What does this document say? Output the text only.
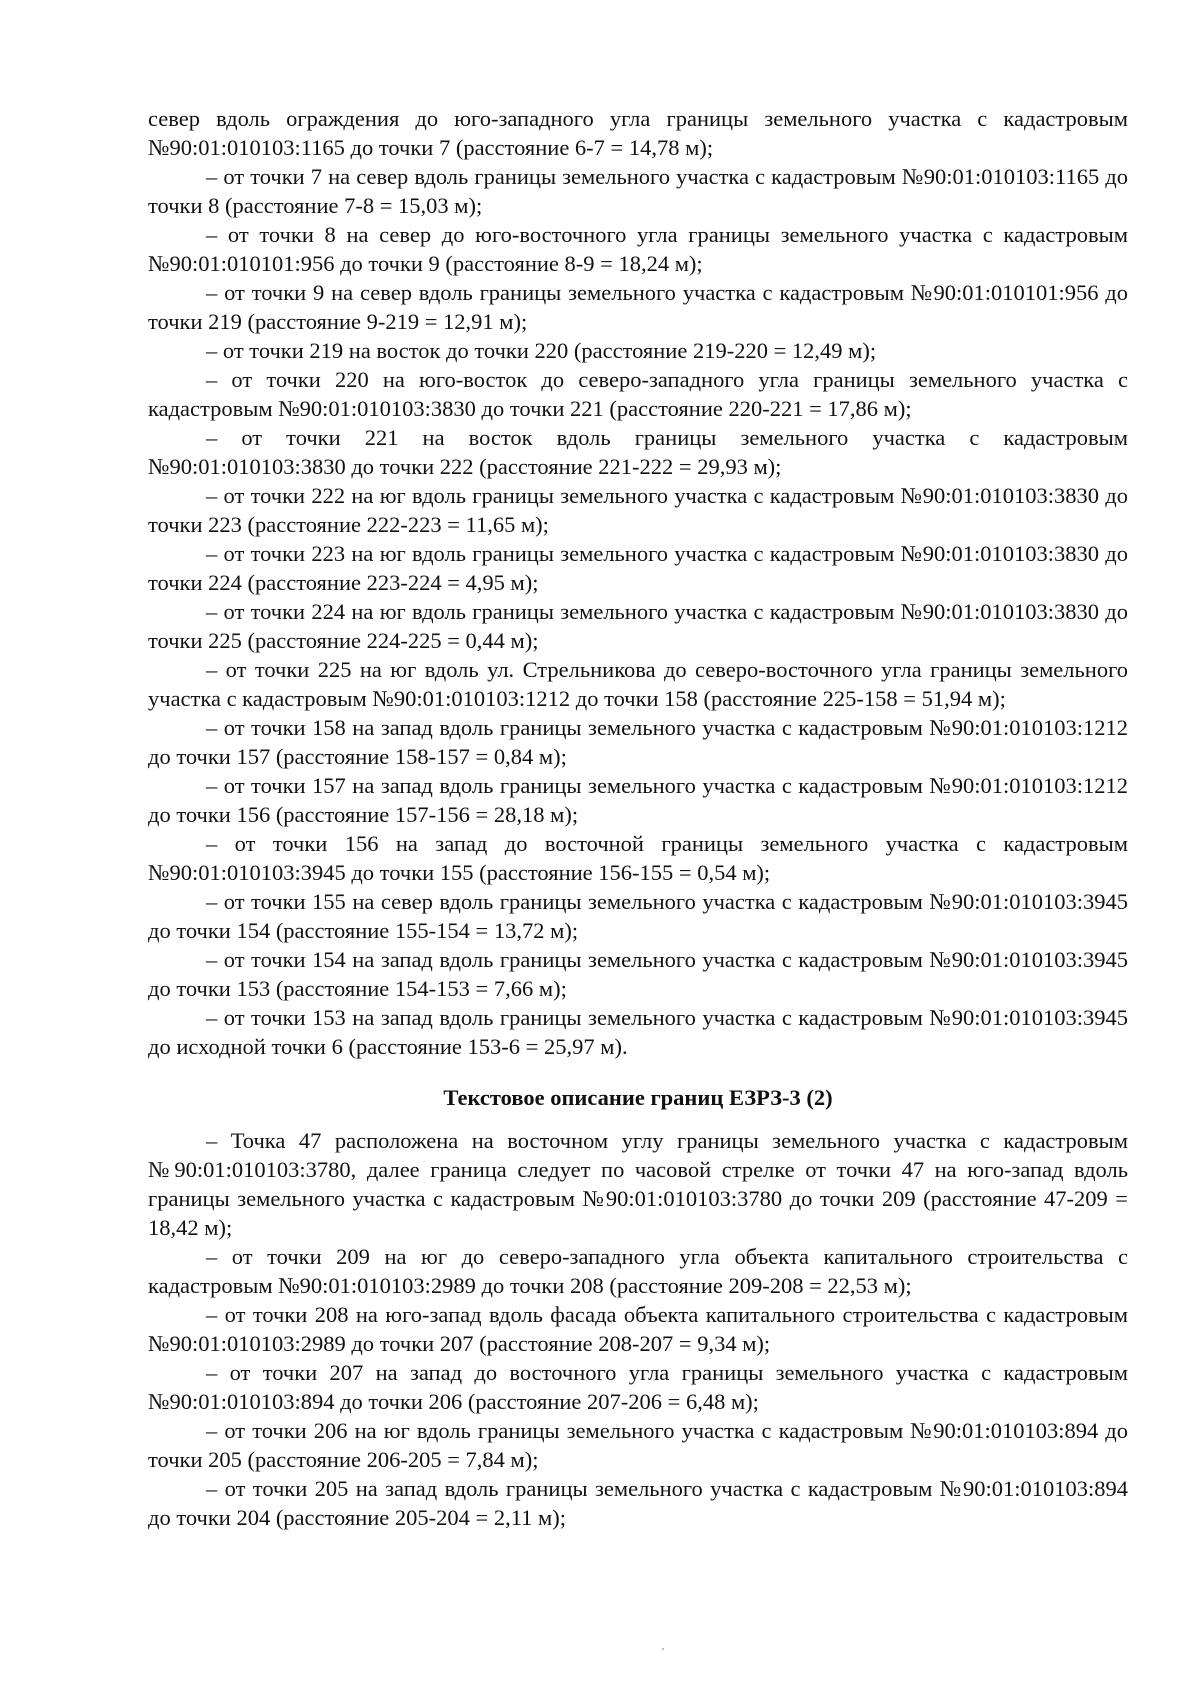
север вдоль ограждения до юго-западного угла границы земельного участка с кадастровым №90:01:010103:1165 до точки 7 (расстояние 6-7 = 14,78 м);

– от точки 7 на север вдоль границы земельного участка с кадастровым №90:01:010103:1165 до точки 8 (расстояние 7-8 = 15,03 м);

– от точки 8 на север до юго-восточного угла границы земельного участка с кадастровым №90:01:010101:956 до точки 9 (расстояние 8-9 = 18,24 м);

– от точки 9 на север вдоль границы земельного участка с кадастровым №90:01:010101:956 до точки 219 (расстояние 9-219 = 12,91 м);

– от точки 219 на восток до точки 220 (расстояние 219-220 = 12,49 м);

– от точки 220 на юго-восток до северо-западного угла границы земельного участка с кадастровым №90:01:010103:3830 до точки 221 (расстояние 220-221 = 17,86 м);

– от точки 221 на восток вдоль границы земельного участка с кадастровым №90:01:010103:3830 до точки 222 (расстояние 221-222 = 29,93 м);

– от точки 222 на юг вдоль границы земельного участка с кадастровым №90:01:010103:3830 до точки 223 (расстояние 222-223 = 11,65 м);

– от точки 223 на юг вдоль границы земельного участка с кадастровым №90:01:010103:3830 до точки 224 (расстояние 223-224 = 4,95 м);

– от точки 224 на юг вдоль границы земельного участка с кадастровым №90:01:010103:3830 до точки 225 (расстояние 224-225 = 0,44 м);

– от точки 225 на юг вдоль ул. Стрельникова до северо-восточного угла границы земельного участка с кадастровым №90:01:010103:1212 до точки 158 (расстояние 225-158 = 51,94 м);

– от точки 158 на запад вдоль границы земельного участка с кадастровым №90:01:010103:1212 до точки 157 (расстояние 158-157 = 0,84 м);

– от точки 157 на запад вдоль границы земельного участка с кадастровым №90:01:010103:1212 до точки 156 (расстояние 157-156 = 28,18 м);

– от точки 156 на запад до восточной границы земельного участка с кадастровым №90:01:010103:3945 до точки 155 (расстояние 156-155 = 0,54 м);

– от точки 155 на север вдоль границы земельного участка с кадастровым №90:01:010103:3945 до точки 154 (расстояние 155-154 = 13,72 м);

– от точки 154 на запад вдоль границы земельного участка с кадастровым №90:01:010103:3945 до точки 153 (расстояние 154-153 = 7,66 м);

– от точки 153 на запад вдоль границы земельного участка с кадастровым №90:01:010103:3945 до исходной точки 6 (расстояние 153-6 = 25,97 м).

Текстовое описание границ ЕЗРЗ-3 (2)

– Точка 47 расположена на восточном углу границы земельного участка с кадастровым №90:01:010103:3780, далее граница следует по часовой стрелке от точки 47 на юго-запад вдоль границы земельного участка с кадастровым №90:01:010103:3780 до точки 209 (расстояние 47-209 = 18,42 м);

– от точки 209 на юг до северо-западного угла объекта капитального строительства с кадастровым №90:01:010103:2989 до точки 208 (расстояние 209-208 = 22,53 м);

– от точки 208 на юго-запад вдоль фасада объекта капитального строительства с кадастровым №90:01:010103:2989 до точки 207 (расстояние 208-207 = 9,34 м);

– от точки 207 на запад до восточного угла границы земельного участка с кадастровым №90:01:010103:894 до точки 206 (расстояние 207-206 = 6,48 м);

– от точки 206 на юг вдоль границы земельного участка с кадастровым №90:01:010103:894 до точки 205 (расстояние 206-205 = 7,84 м);

– от точки 205 на запад вдоль границы земельного участка с кадастровым №90:01:010103:894 до точки 204 (расстояние 205-204 = 2,11 м);
